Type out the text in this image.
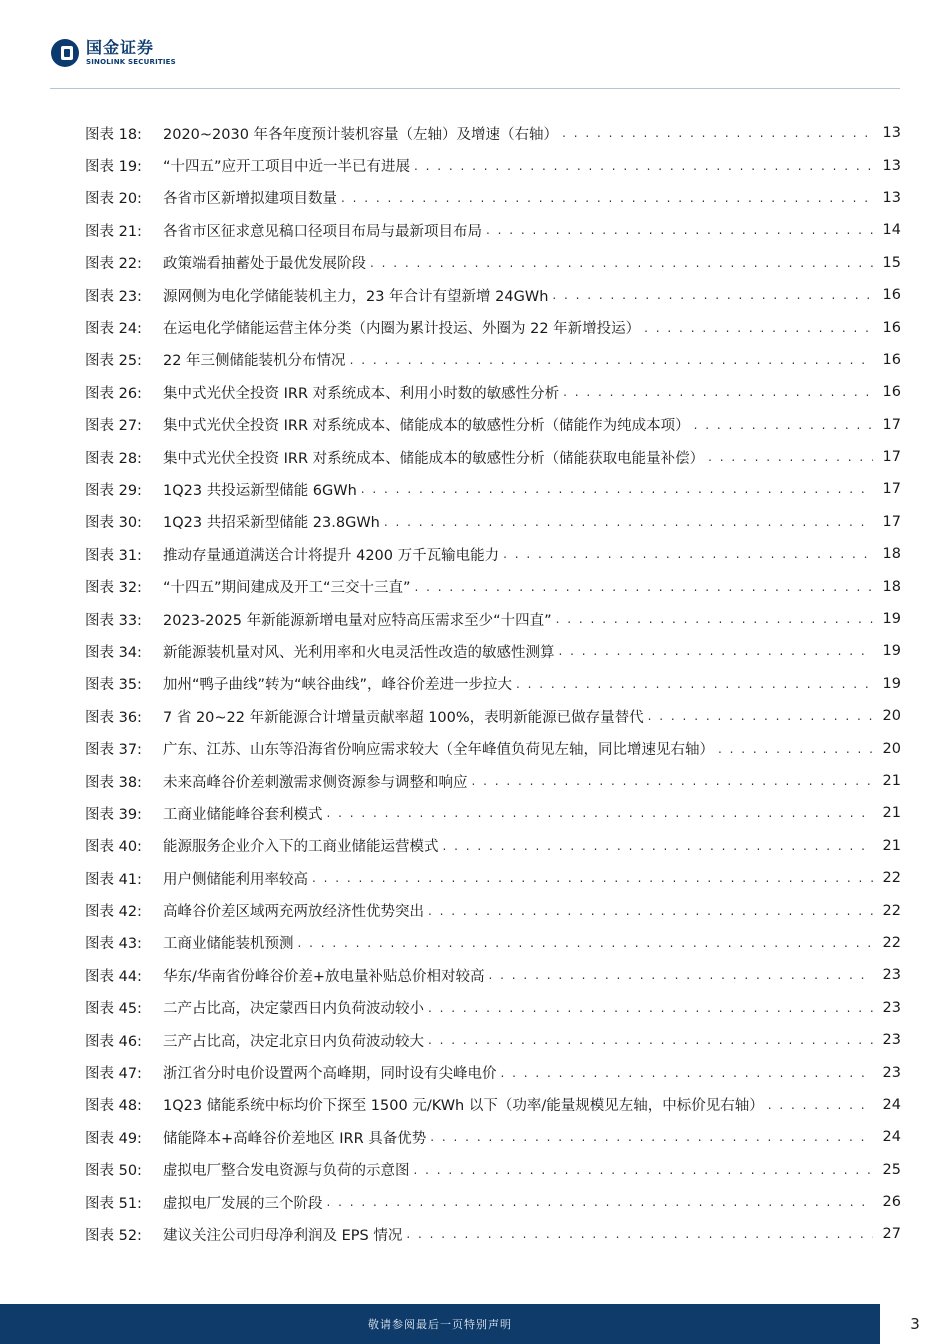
国金证券
SINOLINK SECURITIES
图表 18:	2020~2030 年各年度预计装机容量（左轴）及增速（右轴） . . .	13
图表 19:	“十四五”应开工项目中近一半已有进展 . . .	13
图表 20:	各省市区新增拟建项目数量 . . .	13
图表 21:	各省市区征求意见稿口径项目布局与最新项目布局 . . .	14
图表 22:	政策端看抽蓄处于最优发展阶段 . . .	15
图表 23:	源网侧为电化学储能装机主力，23 年合计有望新增 24GWh . . .	16
图表 24:	在运电化学储能运营主体分类（内圈为累计投运、外圈为 22 年新增投运） . . .	16
图表 25:	22 年三侧储能装机分布情况 . . .	16
图表 26:	集中式光伏全投资 IRR 对系统成本、利用小时数的敏感性分析 . . .	16
图表 27:	集中式光伏全投资 IRR 对系统成本、储能成本的敏感性分析（储能作为纯成本项） . . .	17
图表 28:	集中式光伏全投资 IRR 对系统成本、储能成本的敏感性分析（储能获取电能量补偿） . . .	17
图表 29:	1Q23 共投运新型储能 6GWh . . .	17
图表 30:	1Q23 共招采新型储能 23.8GWh . . .	17
图表 31:	推动存量通道满送合计将提升 4200 万千瓦输电能力 . . .	18
图表 32:	“十四五”期间建成及开工“三交十三直” . . .	18
图表 33:	2023-2025 年新能源新增电量对应特高压需求至少“十四直” . . .	19
图表 34:	新能源装机量对风、光利用率和火电灵活性改造的敏感性测算 . . .	19
图表 35:	加州“鸭子曲线”转为“峡谷曲线”，峰谷价差进一步拉大 . . .	19
图表 36:	7 省 20~22 年新能源合计增量贡献率超 100%，表明新能源已做存量替代 . . .	20
图表 37:	广东、江苏、山东等沿海省份响应需求较大（全年峰值负荷见左轴，同比增速见右轴） . . .	20
图表 38:	未来高峰谷价差刺激需求侧资源参与调整和响应 . . .	21
图表 39:	工商业储能峰谷套利模式 . . .	21
图表 40:	能源服务企业介入下的工商业储能运营模式 . . .	21
图表 41:	用户侧储能利用率较高 . . .	22
图表 42:	高峰谷价差区域两充两放经济性优势突出 . . .	22
图表 43:	工商业储能装机预测 . . .	22
图表 44:	华东/华南省份峰谷价差+放电量补贴总价相对较高 . . .	23
图表 45:	二产占比高，决定蒙西日内负荷波动较小 . . .	23
图表 46:	三产占比高，决定北京日内负荷波动较大 . . .	23
图表 47:	浙江省分时电价设置两个高峰期，同时设有尖峰电价 . . .	23
图表 48:	1Q23 储能系统中标均价下探至 1500 元/KWh 以下（功率/能量规模见左轴，中标价见右轴） . . .	24
图表 49:	储能降本+高峰谷价差地区 IRR 具备优势 . . .	24
图表 50:	虚拟电厂整合发电资源与负荷的示意图 . . .	25
图表 51:	虚拟电厂发展的三个阶段 . . .	26
图表 52:	建议关注公司归母净利润及 EPS 情况 . . .	27
敬请参阅最后一页特别声明	3
